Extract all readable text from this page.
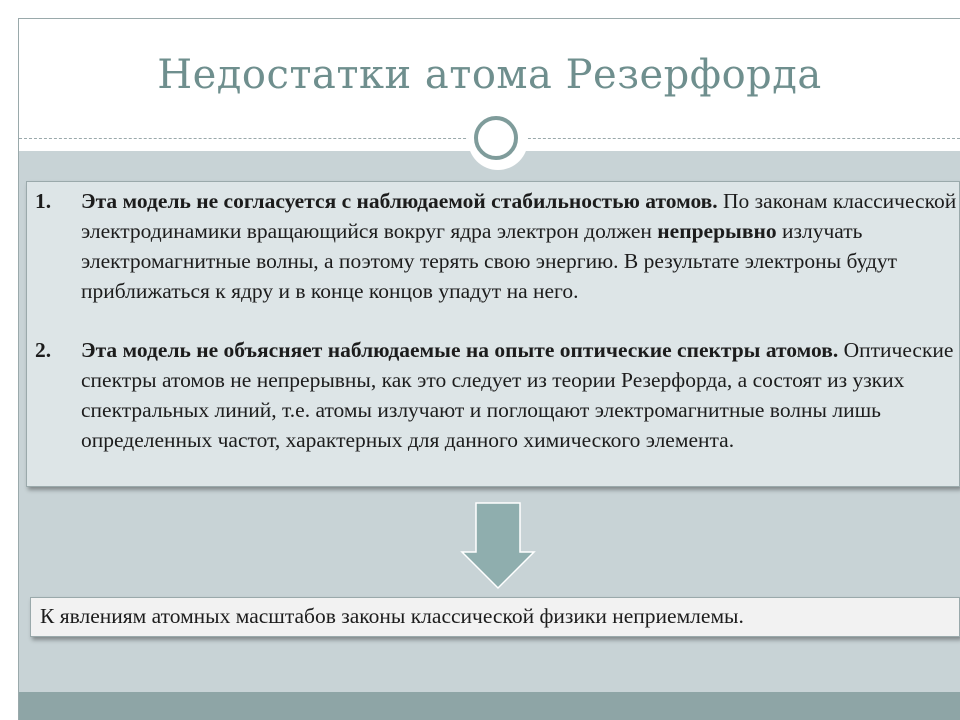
Недостатки атома Резерфорда
1.	Эта модель не согласуется с наблюдаемой стабильностью атомов. По законам классической электродинамики вращающийся вокруг ядра электрон должен непрерывно излучать электромагнитные волны, а поэтому терять свою энергию. В результате электроны будут приближаться к ядру и в конце концов упадут на него.
2.	Эта модель не объясняет наблюдаемые на опыте оптические спектры атомов. Оптические спектры атомов не непрерывны, как это следует из теории Резерфорда, а состоят из узких спектральных линий, т.е. атомы излучают и поглощают электромагнитные волны лишь определенных частот, характерных для данного химического элемента.
К явлениям атомных масштабов законы классической физики неприемлемы.
